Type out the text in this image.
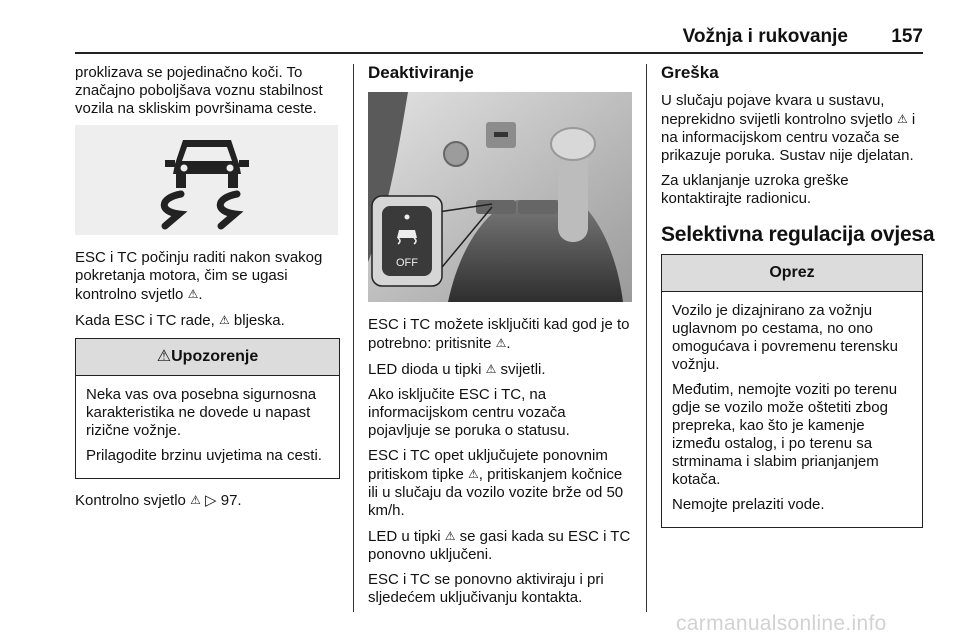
Vožnja i rukovanje 157

proklizava se pojedinačno koči. To značajno poboljšava voznu stabilnost vozila na skliskim površinama ceste.

ESC i TC počinju raditi nakon svakog pokretanja motora, čim se ugasi kontrolno svjetlo ⚠.

Kada ESC i TC rade, ⚠ bljeska.

⚠Upozorenje

Neka vas ova posebna sigurnosna karakteristika ne dovede u napast rizične vožnje.

Prilagodite brzinu uvjetima na cesti.

Kontrolno svjetlo ⚠ ▷ 97.

Deaktiviranje
OFF

ESC i TC možete isključiti kad god je to potrebno: pritisnite ⚠.

LED dioda u tipki ⚠ svijetli.

Ako isključite ESC i TC, na informacijskom centru vozača pojavljuje se poruka o statusu.

ESC i TC opet uključujete ponovnim pritiskom tipke ⚠, pritiskanjem kočnice ili u slučaju da vozilo vozite brže od 50 km/h.

LED u tipki ⚠ se gasi kada su ESC i TC ponovno uključeni.

ESC i TC se ponovno aktiviraju i pri sljedećem uključivanju kontakta.

Greška

U slučaju pojave kvara u sustavu, neprekidno svijetli kontrolno svjetlo ⚠ i na informacijskom centru vozača se prikazuje poruka. Sustav nije djelatan.

Za uklanjanje uzroka greške kontaktirajte radionicu.

Selektivna regulacija ovjesa
Oprez

Vozilo je dizajnirano za vožnju uglavnom po cestama, no ono omogućava i povremenu terensku vožnju.

Međutim, nemojte voziti po terenu gdje se vozilo može oštetiti zbog prepreka, kao što je kamenje između ostalog, i po terenu sa strminama i slabim prianjanjem kotača.

Nemojte prelaziti vode.

carmanualsonline.info
